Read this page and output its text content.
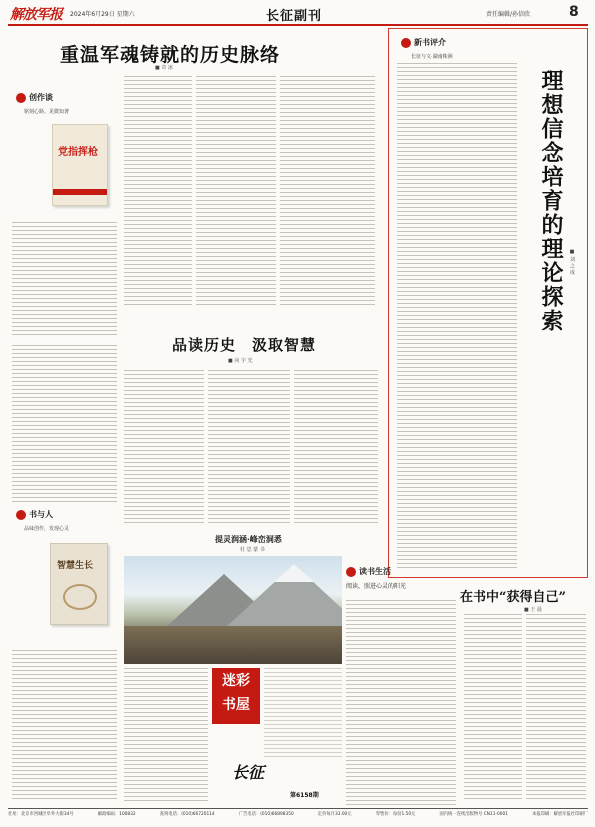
解放军报 2024年6月29日 星期六	长征副刊	责任编辑/孙信欣	8
重温军魂铸就的历史脉络
■ 奇 冰
创作谈
铭刻心路、见微知著
党指挥枪
书与人
品味创作，发现心灵
智慧生长
品读历史　汲取智慧
■ 向 宇 光
新书评介
长征与文·湖南株洲
理想信念培育的理论探索 ■ 刘 之 成
在书中“获得自己”
■ 王 晨
提灵润涵·峰峦洞悉
杜 思 蒙 书
读书生活
阅读，照进心灵的阳光
迷彩
书屋
长征
第6158期
社址：北京市西城区阜外大街34号	邮政编码：100832	查询电话：(010)66720114	广告电话：(010)66898350	定价每月33.00元	零售价：每份1.50元	国内统一连续出版物号 CN11-0001	本报印刷：解放军报社印刷厂
